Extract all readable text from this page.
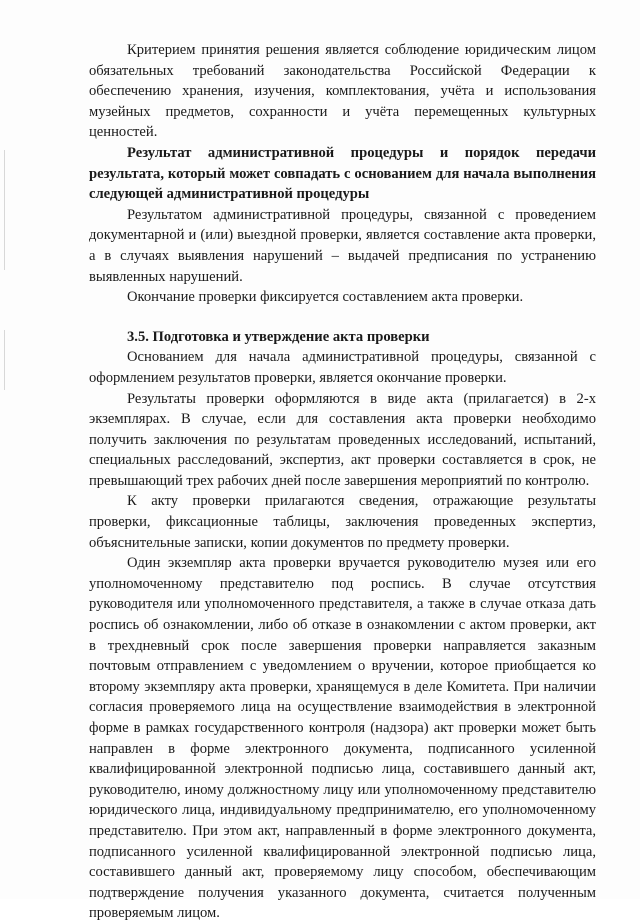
Критерием принятия решения является соблюдение юридическим лицом обязательных требований законодательства Российской Федерации к обеспечению хранения, изучения, комплектования, учёта и использования музейных предметов, сохранности и учёта перемещенных культурных ценностей.

Результат административной процедуры и порядок передачи результата, который может совпадать с основанием для начала выполнения следующей административной процедуры

Результатом административной процедуры, связанной с проведением документарной и (или) выездной проверки, является составление акта проверки, а в случаях выявления нарушений – выдачей предписания по устранению выявленных нарушений.

Окончание проверки фиксируется составлением акта проверки.

3.5. Подготовка и утверждение акта проверки

Основанием для начала административной процедуры, связанной с оформлением результатов проверки, является окончание проверки.

Результаты проверки оформляются в виде акта (прилагается) в 2-х экземплярах. В случае, если для составления акта проверки необходимо получить заключения по результатам проведенных исследований, испытаний, специальных расследований, экспертиз, акт проверки составляется в срок, не превышающий трех рабочих дней после завершения мероприятий по контролю.

К акту проверки прилагаются сведения, отражающие результаты проверки, фиксационные таблицы, заключения проведенных экспертиз, объяснительные записки, копии документов по предмету проверки.

Один экземпляр акта проверки вручается руководителю музея или его уполномоченному представителю под роспись. В случае отсутствия руководителя или уполномоченного представителя, а также в случае отказа дать роспись об ознакомлении, либо об отказе в ознакомлении с актом проверки, акт в трехдневный срок после завершения проверки направляется заказным почтовым отправлением с уведомлением о вручении, которое приобщается ко второму экземпляру акта проверки, хранящемуся в деле Комитета. При наличии согласия проверяемого лица на осуществление взаимодействия в электронной форме в рамках государственного контроля (надзора) акт проверки может быть направлен в форме электронного документа, подписанного усиленной квалифицированной электронной подписью лица, составившего данный акт, руководителю, иному должностному лицу или уполномоченному представителю юридического лица, индивидуальному предпринимателю, его уполномоченному представителю. При этом акт, направленный в форме электронного документа, подписанного усиленной квалифицированной электронной подписью лица, составившего данный акт, проверяемому лицу способом, обеспечивающим подтверждение получения указанного документа, считается полученным проверяемым лицом.
